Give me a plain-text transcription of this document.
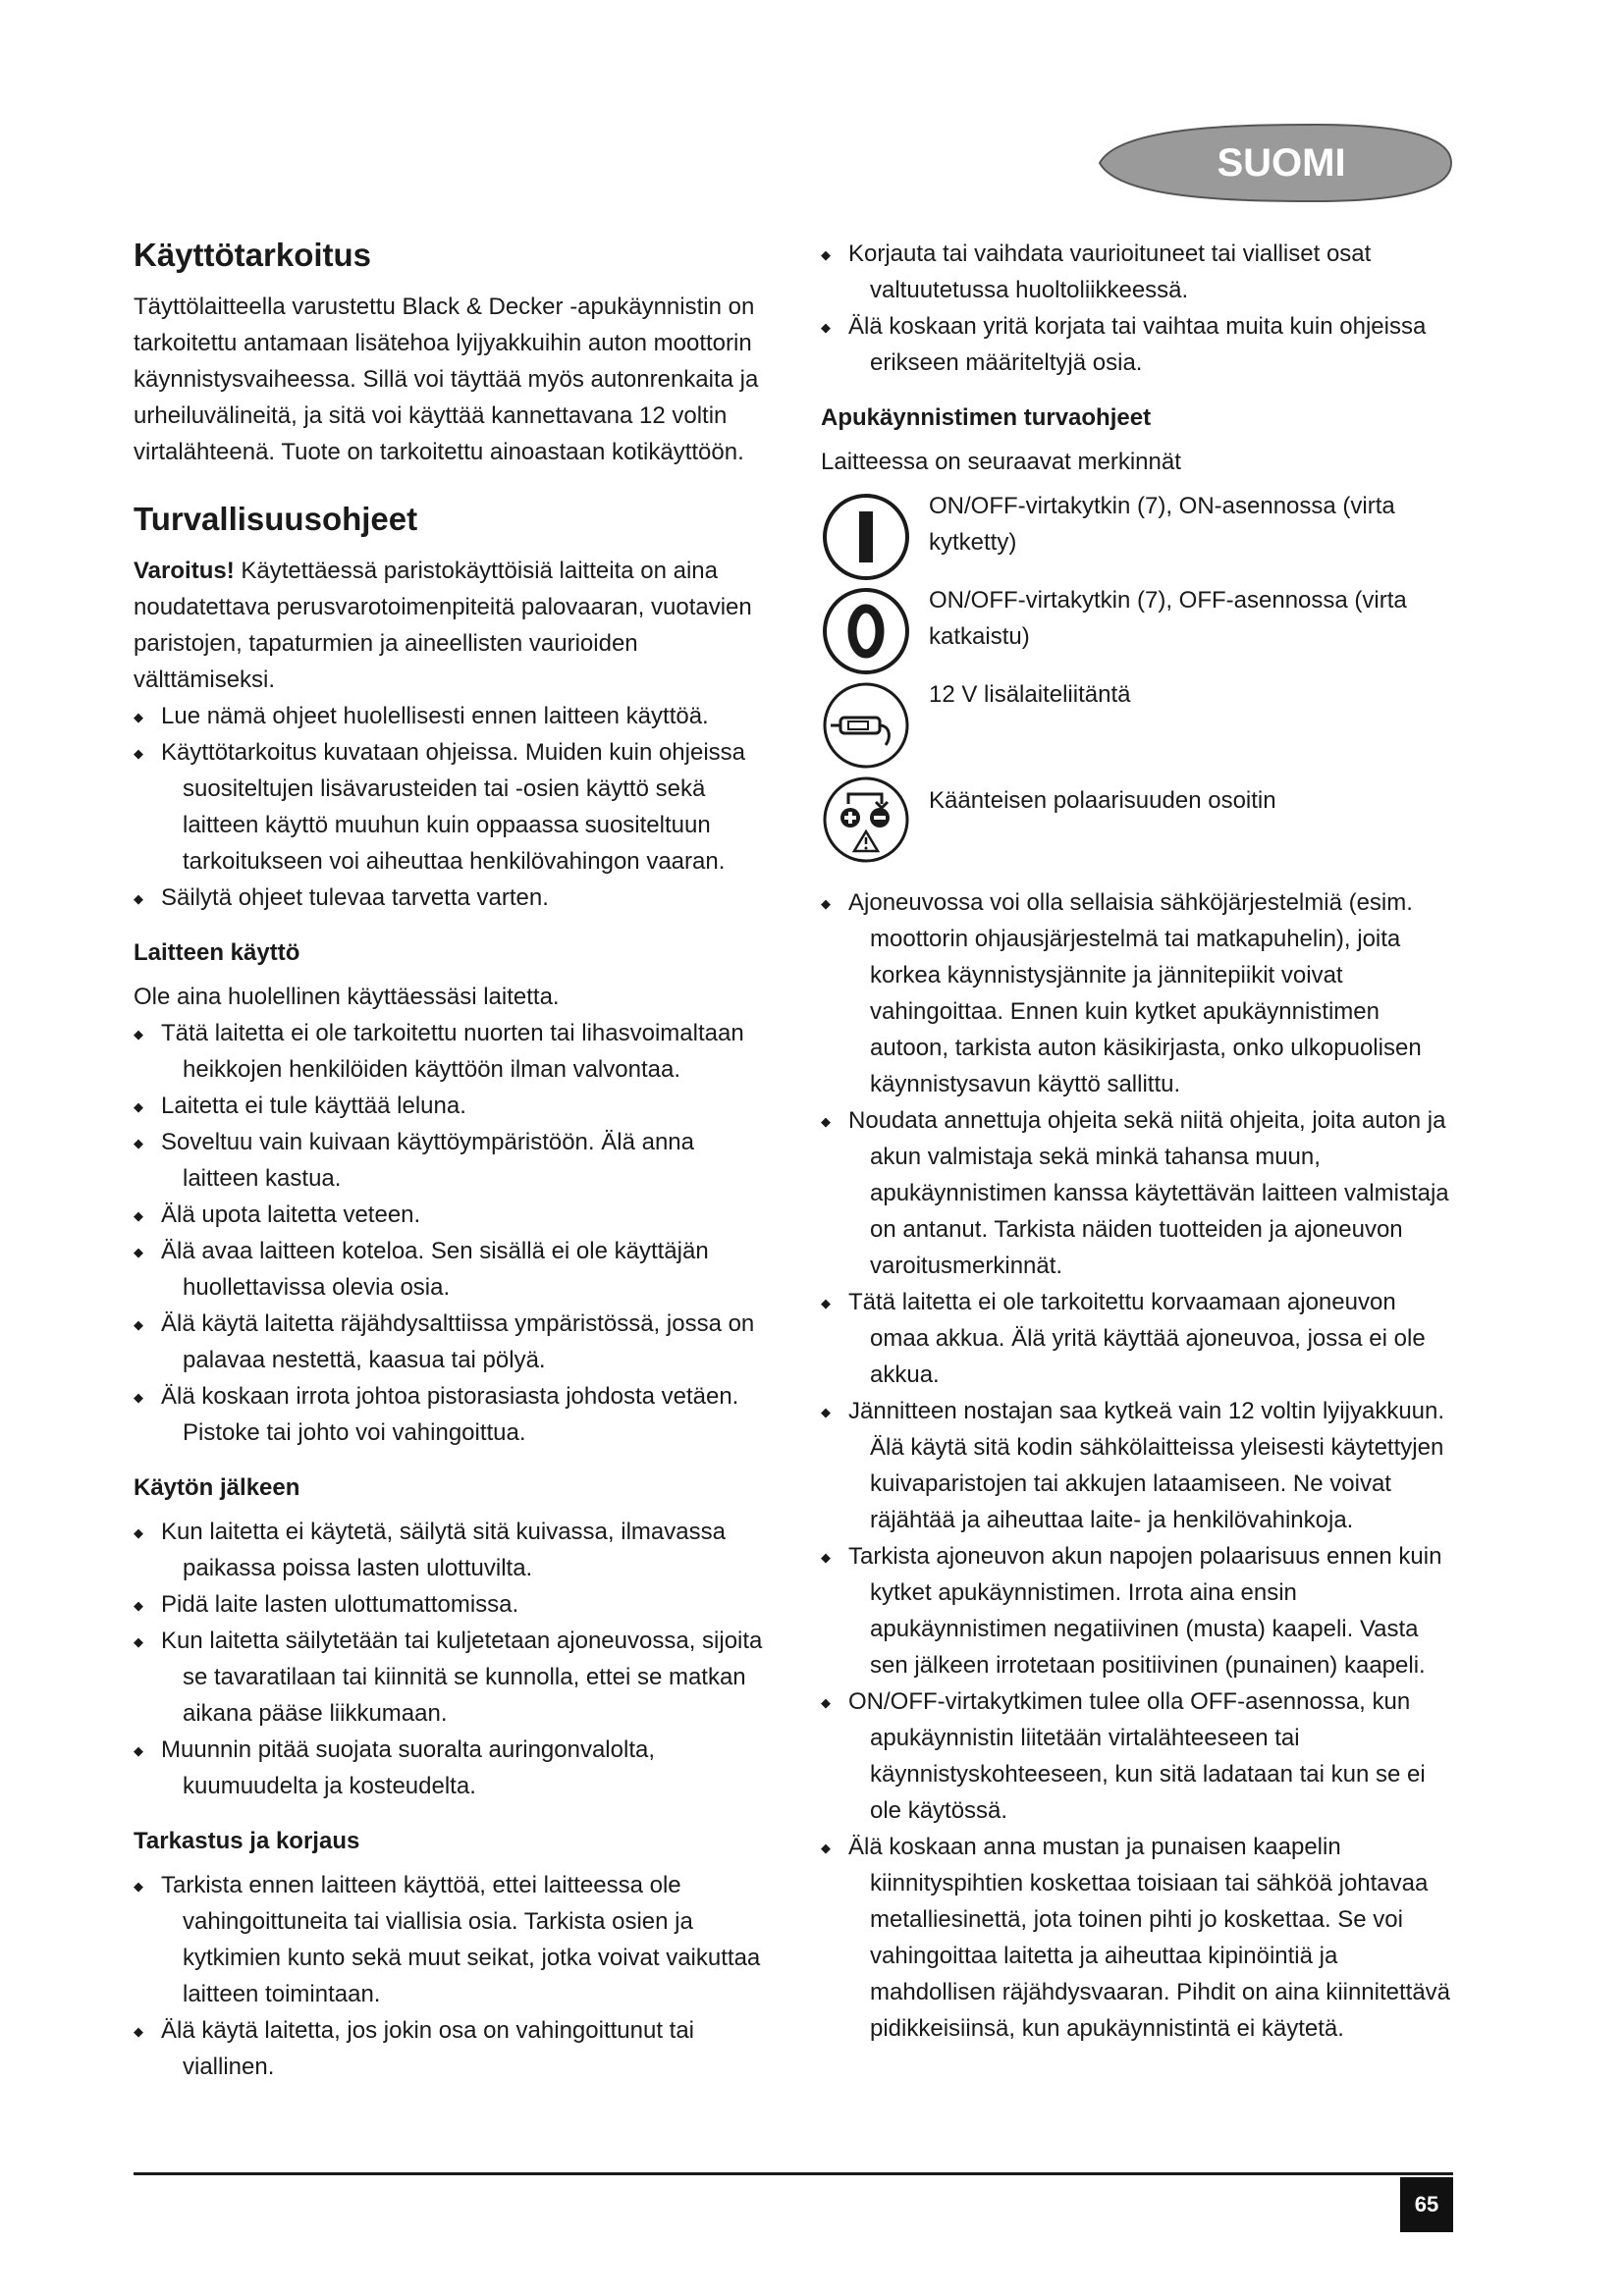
SUOMI
Käyttötarkoitus

Täyttölaitteella varustettu Black & Decker -apukäynnistin on tarkoitettu antamaan lisätehoa lyijyakkuihin auton moottorin käynnistysvaiheessa. Sillä voi täyttää myös autonrenkaita ja urheiluvälineitä, ja sitä voi käyttää kannettavana 12 voltin virtalähteenä. Tuote on tarkoitettu ainoastaan kotikäyttöön.

Turvallisuusohjeet

Varoitus! Käytettäessä paristokäyttöisiä laitteita on aina noudatettava perusvarotoimenpiteitä palovaaran, vuotavien paristojen, tapaturmien ja aineellisten vaurioiden välttämiseksi.

◆ Lue nämä ohjeet huolellisesti ennen laitteen käyttöä.
◆ Käyttötarkoitus kuvataan ohjeissa. Muiden kuin ohjeissa suositeltujen lisävarusteiden tai -osien käyttö sekä laitteen käyttö muuhun kuin oppaassa suositeltuun tarkoitukseen voi aiheuttaa henkilövahingon vaaran.
◆ Säilytä ohjeet tulevaa tarvetta varten.
Laitteen käyttö

Ole aina huolellinen käyttäessäsi laitetta.

◆ Tätä laitetta ei ole tarkoitettu nuorten tai lihasvoimaltaan heikkojen henkilöiden käyttöön ilman valvontaa.
◆ Laitetta ei tule käyttää leluna.
◆ Soveltuu vain kuivaan käyttöympäristöön. Älä anna laitteen kastua.
◆ Älä upota laitetta veteen.
◆ Älä avaa laitteen koteloa. Sen sisällä ei ole käyttäjän huollettavissa olevia osia.
◆ Älä käytä laitetta räjähdysalttiissa ympäristössä, jossa on palavaa nestettä, kaasua tai pölyä.
◆ Älä koskaan irrota johtoa pistorasiasta johdosta vetäen. Pistoke tai johto voi vahingoittua.
Käytön jälkeen
◆ Kun laitetta ei käytetä, säilytä sitä kuivassa, ilmavassa paikassa poissa lasten ulottuvilta.
◆ Pidä laite lasten ulottumattomissa.
◆ Kun laitetta säilytetään tai kuljetetaan ajoneuvossa, sijoita se tavaratilaan tai kiinnitä se kunnolla, ettei se matkan aikana pääse liikkumaan.
◆ Muunnin pitää suojata suoralta auringonvalolta, kuumuudelta ja kosteudelta.
Tarkastus ja korjaus
◆ Tarkista ennen laitteen käyttöä, ettei laitteessa ole vahingoittuneita tai viallisia osia. Tarkista osien ja kytkimien kunto sekä muut seikat, jotka voivat vaikuttaa laitteen toimintaan.
◆ Älä käytä laitetta, jos jokin osa on vahingoittunut tai viallinen.
◆ Korjauta tai vaihdata vaurioituneet tai vialliset osat valtuutetussa huoltoliikkeessä.
◆ Älä koskaan yritä korjata tai vaihtaa muita kuin ohjeissa erikseen määriteltyjä osia.
Apukäynnistimen turvaohjeet

Laitteessa on seuraavat merkinnät

ON/OFF-virtakytkin (7), ON-asennossa (virta kytketty)
ON/OFF-virtakytkin (7), OFF-asennossa (virta katkaistu)
12 V lisälaiteliitäntä
Käänteisen polaarisuuden osoitin
◆ Ajoneuvossa voi olla sellaisia sähköjärjestelmiä (esim. moottorin ohjausjärjestelmä tai matkapuhelin), joita korkea käynnistysjännite ja jännitepiikit voivat vahingoittaa. Ennen kuin kytket apukäynnistimen autoon, tarkista auton käsikirjasta, onko ulkopuolisen käynnistysavun käyttö sallittu.
◆ Noudata annettuja ohjeita sekä niitä ohjeita, joita auton ja akun valmistaja sekä minkä tahansa muun, apukäynnistimen kanssa käytettävän laitteen valmistaja on antanut. Tarkista näiden tuotteiden ja ajoneuvon varoitusmerkinnät.
◆ Tätä laitetta ei ole tarkoitettu korvaamaan ajoneuvon omaa akkua. Älä yritä käyttää ajoneuvoa, jossa ei ole akkua.
◆ Jännitteen nostajan saa kytkeä vain 12 voltin lyijyakkuun. Älä käytä sitä kodin sähkölaitteissa yleisesti käytettyjen kuivaparistojen tai akkujen lataamiseen. Ne voivat räjähtää ja aiheuttaa laite- ja henkilövahinkoja.
◆ Tarkista ajoneuvon akun napojen polaarisuus ennen kuin kytket apukäynnistimen. Irrota aina ensin apukäynnistimen negatiivinen (musta) kaapeli. Vasta sen jälkeen irrotetaan positiivinen (punainen) kaapeli.
◆ ON/OFF-virtakytkimen tulee olla OFF-asennossa, kun apukäynnistin liitetään virtalähteeseen tai käynnistyskohteeseen, kun sitä ladataan tai kun se ei ole käytössä.
◆ Älä koskaan anna mustan ja punaisen kaapelin kiinnityspihtien koskettaa toisiaan tai sähköä johtavaa metalliesinettä, jota toinen pihti jo koskettaa. Se voi vahingoittaa laitetta ja aiheuttaa kipinöintiä ja mahdollisen räjähdysvaaran. Pihdit on aina kiinnitettävä pidikkeisiinsä, kun apukäynnistintä ei käytetä.
65
